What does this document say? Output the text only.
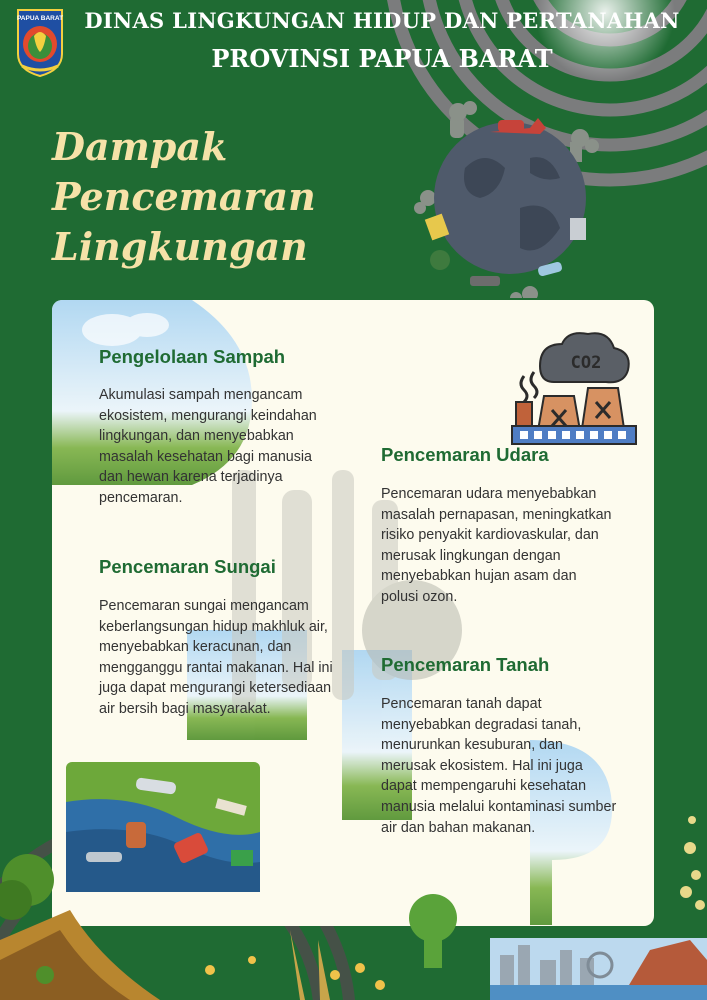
PAPUA BARAT	DINAS LINGKUNGAN HIDUP DAN PERTANAHAN
PROVINSI PAPUA BARAT
Dampak
Pencemaran
Lingkungan
Pengelolaan Sampah

Akumulasi sampah mengancam ekosistem, mengurangi keindahan lingkungan, dan menyebabkan masalah kesehatan bagi manusia dan hewan karena terjadinya pencemaran.

Pencemaran Sungai

Pencemaran sungai mengancam keberlangsungan hidup makhluk air, menyebabkan keracunan, dan mengganggu rantai makanan. Hal ini juga dapat mengurangi ketersediaan air bersih bagi masyarakat.

Pencemaran Udara

Pencemaran udara menyebabkan masalah pernapasan, meningkatkan risiko penyakit kardiovaskular, dan merusak lingkungan dengan menyebabkan hujan asam dan polusi ozon.

Pencemaran Tanah

Pencemaran tanah dapat menyebabkan degradasi tanah, menurunkan kesuburan, dan merusak ekosistem. Hal ini juga dapat mempengaruhi kesehatan manusia melalui kontaminasi sumber air dan bahan makanan.

CO2
